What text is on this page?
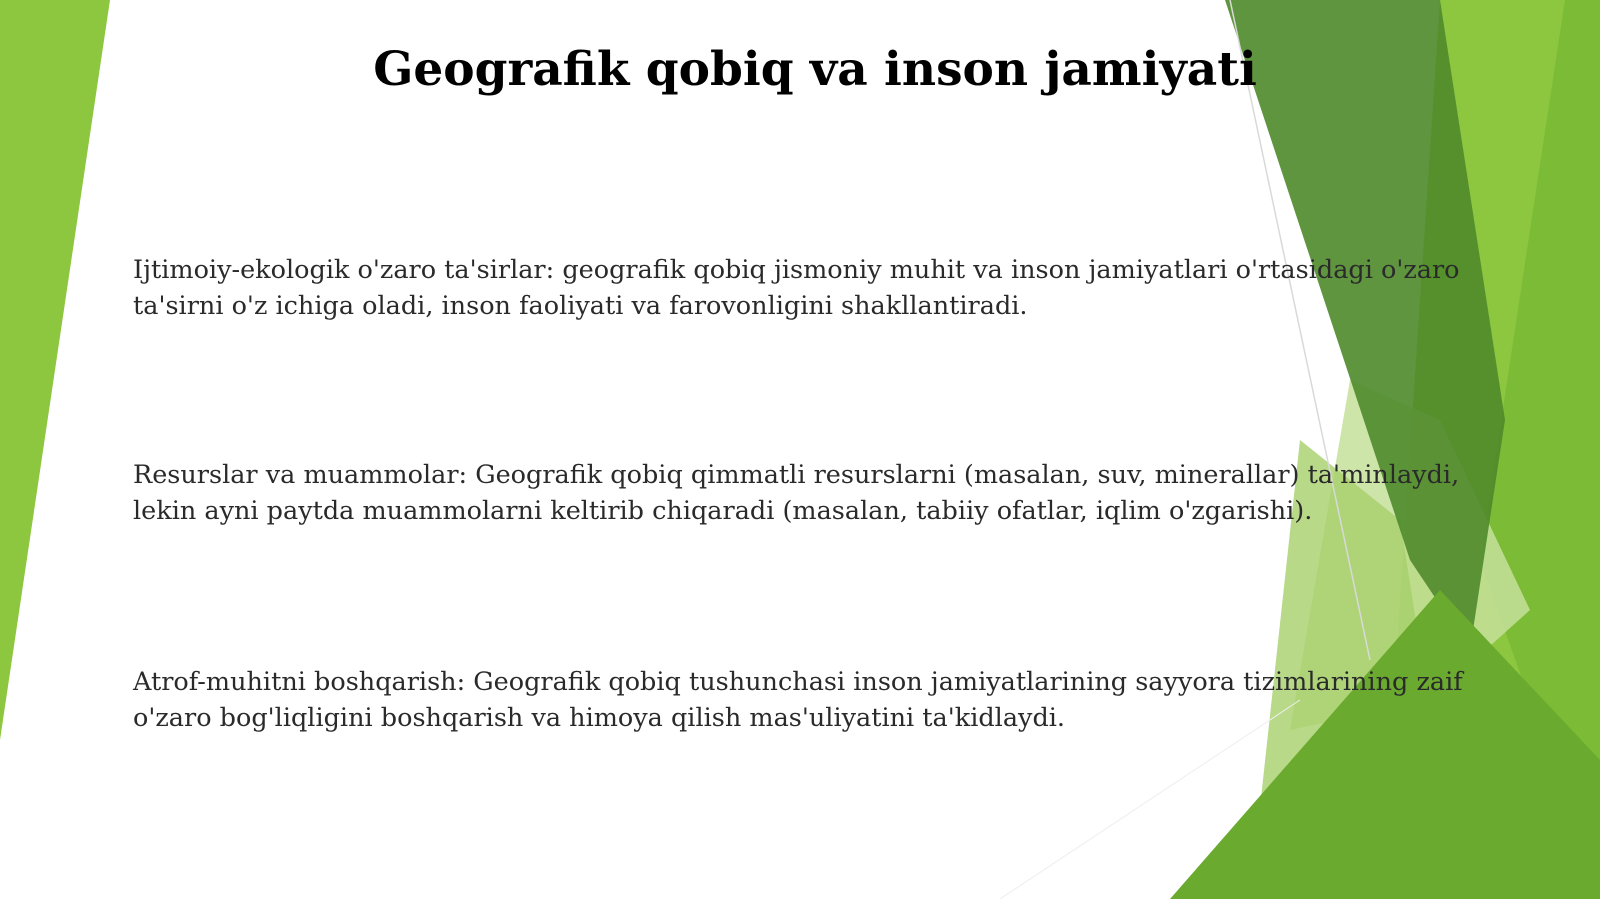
Geografik qobiq va inson jamiyati
Ijtimoiy-ekologik o'zaro ta'sirlar: geografik qobiq jismoniy muhit va inson jamiyatlari o'rtasidagi o'zaro ta'sirni o'z ichiga oladi, inson faoliyati va farovonligini shakllantiradi.
Resurslar va muammolar: Geografik qobiq qimmatli resurslarni (masalan, suv, minerallar) ta'minlaydi, lekin ayni paytda muammolarni keltirib chiqaradi (masalan, tabiiy ofatlar, iqlim o'zgarishi).
Atrof-muhitni boshqarish: Geografik qobiq tushunchasi inson jamiyatlarining sayyora tizimlarining zaif o'zaro bog'liqligini boshqarish va himoya qilish mas'uliyatini ta'kidlaydi.
